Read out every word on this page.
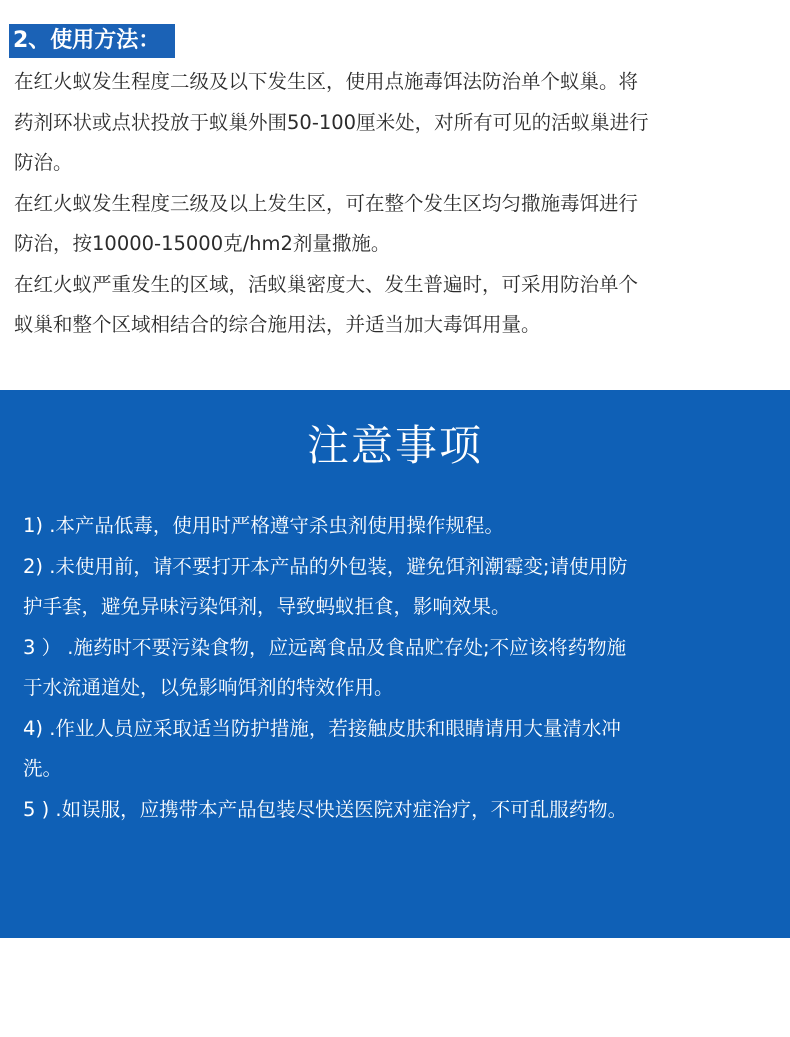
2、使用方法：

在红火蚁发生程度二级及以下发生区，使用点施毒饵法防治单个蚁巢。将

药剂环状或点状投放于蚁巢外围50-100厘米处，对所有可见的活蚁巢进行

防治。

在红火蚁发生程度三级及以上发生区，可在整个发生区均匀撒施毒饵进行

防治，按10000-15000克/hm2剂量撒施。

在红火蚁严重发生的区域，活蚁巢密度大、发生普遍时，可采用防治单个

蚁巢和整个区域相结合的综合施用法，并适当加大毒饵用量。

注意事项

1) .本产品低毒，使用时严格遵守杀虫剂使用操作规程。

2) .未使用前，请不要打开本产品的外包装，避免饵剂潮霉变;请使用防

护手套，避免异味污染饵剂，导致蚂蚁拒食，影响效果。

3 ） .施药时不要污染食物，应远离食品及食品贮存处;不应该将药物施

于水流通道处，以免影响饵剂的特效作用。

4) .作业人员应采取适当防护措施，若接触皮肤和眼睛请用大量清水冲

洗。

5 ) .如误服，应携带本产品包装尽快送医院对症治疗，不可乱服药物。
